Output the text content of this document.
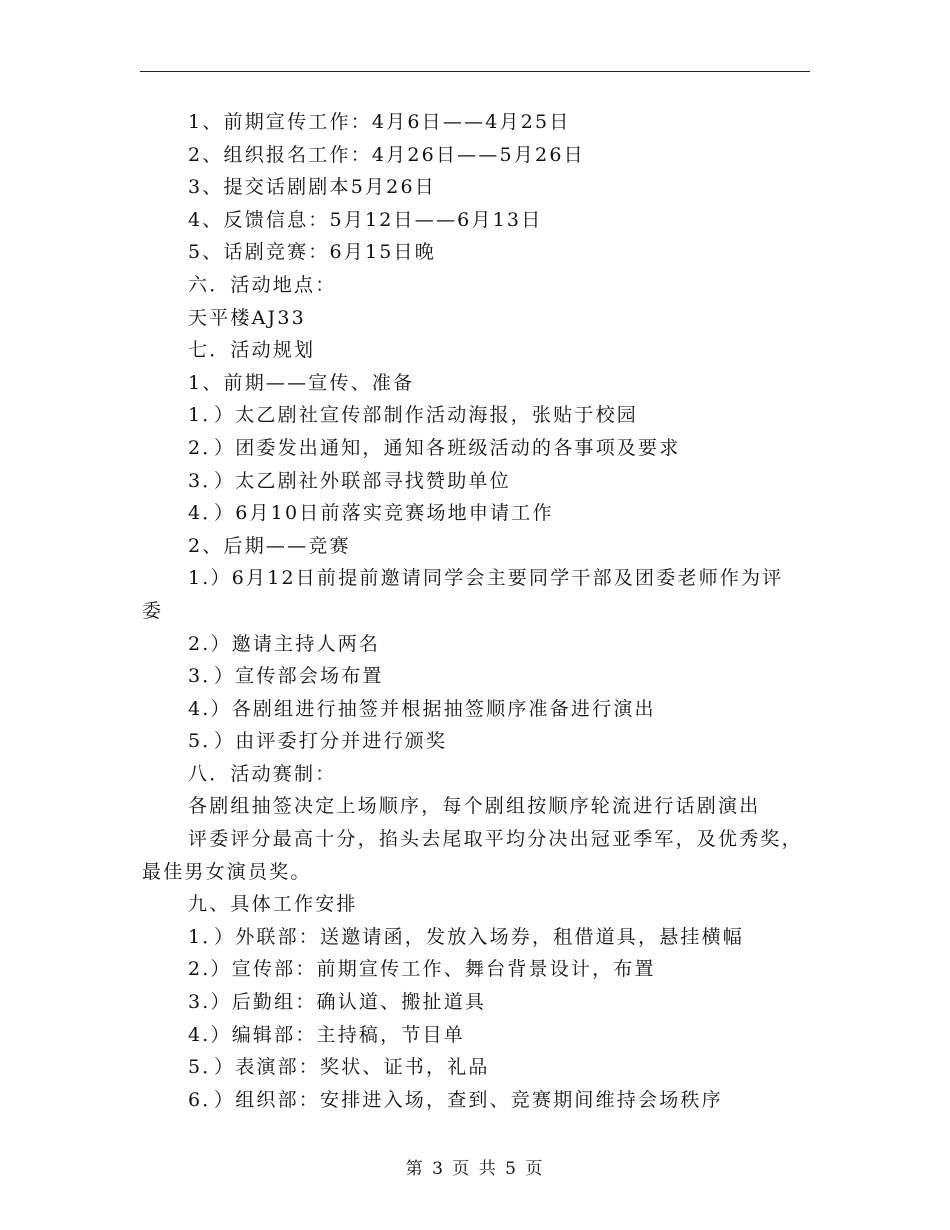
1、前期宣传工作：4月6日——4月25日
2、组织报名工作：4月26日——5月26日
3、提交话剧剧本5月26日
4、反馈信息：5月12日——6月13日
5、话剧竞赛：6月15日晚
六．活动地点：
天平楼AJ33
七．活动规划
1、前期——宣传、准备
1．）太乙剧社宣传部制作活动海报，张贴于校园
2．）团委发出通知，通知各班级活动的各事项及要求
3．）太乙剧社外联部寻找赞助单位
4．）6月10日前落实竞赛场地申请工作
2、后期——竞赛
1.）6月12日前提前邀请同学会主要同学干部及团委老师作为评
委
2.）邀请主持人两名
3．）宣传部会场布置
4.）各剧组进行抽签并根据抽签顺序准备进行演出
5．）由评委打分并进行颁奖
八．活动赛制：
各剧组抽签决定上场顺序，每个剧组按顺序轮流进行话剧演出
评委评分最高十分，掐头去尾取平均分决出冠亚季军，及优秀奖，
最佳男女演员奖。
九、具体工作安排
1．）外联部：送邀请函，发放入场券，租借道具，悬挂横幅
2.）宣传部：前期宣传工作、舞台背景设计，布置
3.）后勤组：确认道、搬扯道具
4.）编辑部：主持稿，节目单
5．）表演部：奖状、证书，礼品
6．）组织部：安排进入场，查到、竞赛期间维持会场秩序
第 3 页 共 5 页
